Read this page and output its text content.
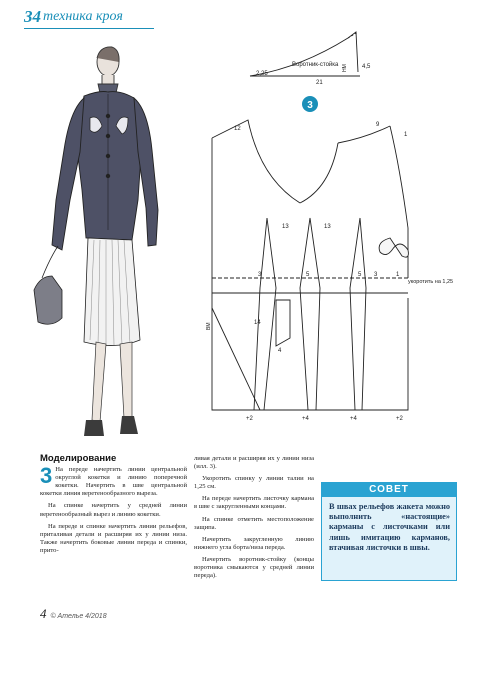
34 техника кроя
3
Воротник-стойка
2,25
21
4,5
НМ
ВМ
укоротить на 1,25
12
9
1
13	13
3	5	5 3	1
14
4
+2	+4	+4	+2
Моделирование
3 На переде начертить линии центральной округлой кокетки и линию поперечной кокетки. Начертить в шве центральной кокетки линия веретенообразного выреза.

На спинке начертить у средней линии веретенообразный вырез и линию кокетки.

На переде и спинке начертить линии рельефов, приталивая детали и расширяя их у линии низа. Также начертить боковые линии переда и спинки, прито-

ливая детали и расширяя их у линии низа (илл. 3).

Укоротить спинку у линии талии на 1,25 см.

На переде начертить листочку кармана в шве с закругленными концами.

На спинке отметить местоположение защипа.

Начертить закругленную линию нижнего угла борта/низа переда.

Начертить воротник-стойку (концы воротника смыкаются у средней линии переда).

СОВЕТ
В швах рельефов жакета можно выполнить «настоящие» карманы с листочками или лишь имитацию карманов, втачивая листочки в швы.
4 © Ателье 4/2018
